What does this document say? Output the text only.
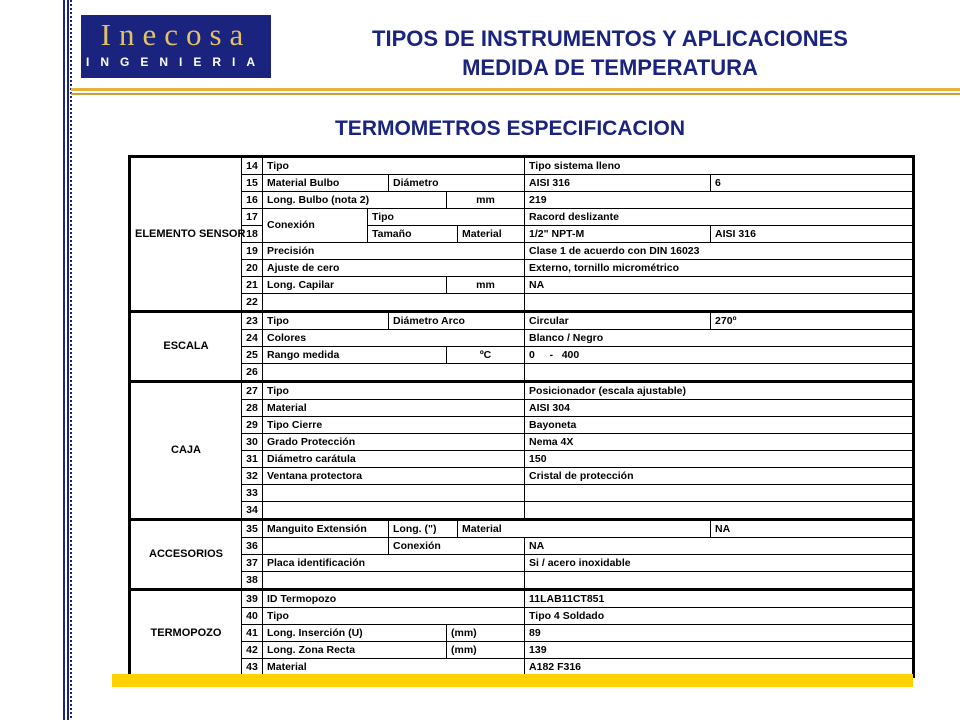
Inecosa
INGENIERIA
TIPOS DE INSTRUMENTOS Y APLICACIONES
MEDIDA DE TEMPERATURA
TERMOMETROS ESPECIFICACION
ELEMENTO SENSOR	14	Tipo					Tipo sistema lleno		
	15	Material Bulbo		Diámetro			AISI 316	6	
	16	Long. Bulbo (nota 2)			mm		219		
	17	Conexión	Tipo				Racord deslizante		
	18		Tamaño			Material	1/2" NPT-M	AISI 316	
	19	Precisión					Clase 1 de acuerdo con DIN 16023		
	20	Ajuste de cero					Externo, tornillo micrométrico		
	21	Long. Capilar			mm		NA		
	22								
ESCALA	23	Tipo		Diámetro Arco			Circular	270º	
	24	Colores					Blanco / Negro		
	25	Rango medida			ºC		0     -   400		
	26								
CAJA	27	Tipo					Posicionador (escala ajustable)		
	28	Material					AISI 304		
	29	Tipo Cierre					Bayoneta		
	30	Grado Protección					Nema 4X		
	31	Diámetro carátula					150		
	32	Ventana protectora					Cristal de protección		
	33								
	34								
ACCESORIOS	35	Manguito Extensión		Long. (")		Material		NA	
	36			Conexión			NA		
	37	Placa identificación					Si / acero inoxidable		
	38								
TERMOPOZO	39	ID Termopozo					11LAB11CT851		
	40	Tipo					Tipo 4 Soldado		
	41	Long. Inserción (U)			(mm)		89		
	42	Long. Zona Recta			(mm)		139		
	43	Material					A182 F316		
